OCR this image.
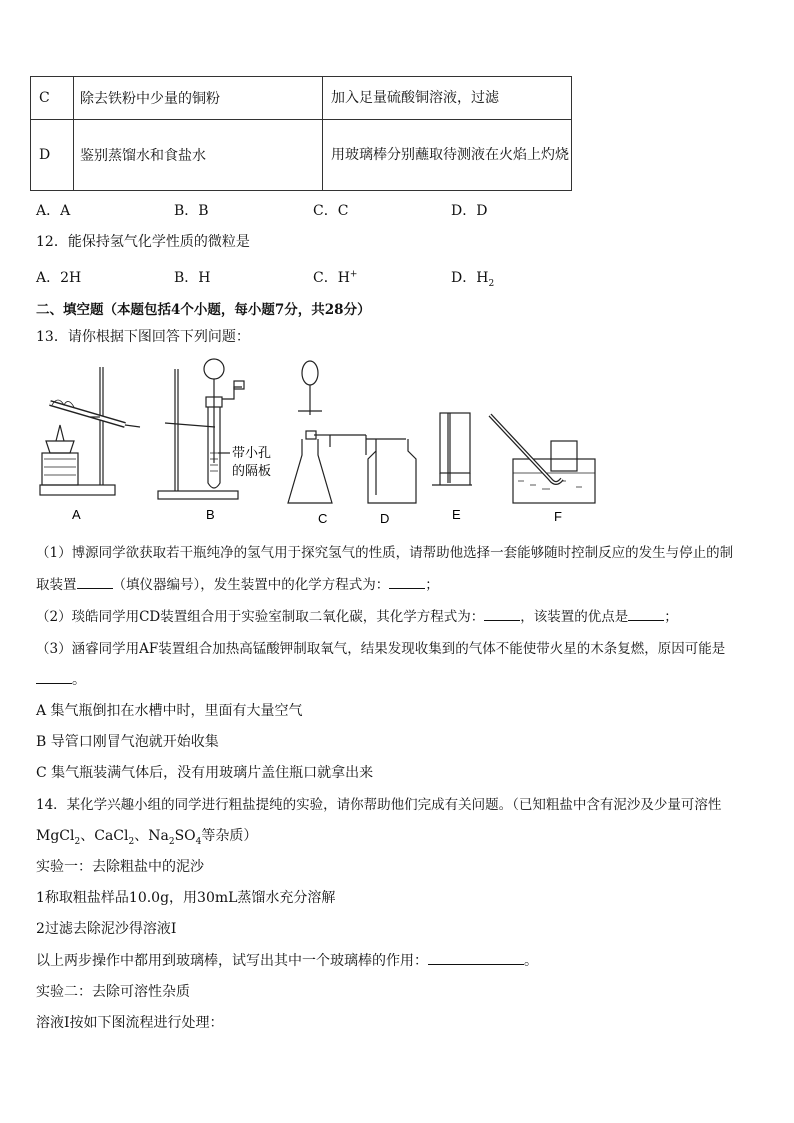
C	除去铁粉中少量的铜粉	加入足量硫酸铜溶液，过滤
D	鉴别蒸馏水和食盐水	用玻璃棒分别蘸取待测液在火焰上灼烧
A．A	B．B	C．C	D．D
12．能保持氢气化学性质的微粒是
A．2H	B．H	C．H+	D．$H_2$
二、填空题（本题包括4个小题，每小题7分，共28分）
13．请你根据下图回答下列问题：
A	B	C	D	E	F
带小孔
的隔板
（1）博源同学欲获取若干瓶纯净的氢气用于探究氢气的性质，请帮助他选择一套能够随时控制反应的发生与停止的制
取装置	（填仪器编号），发生装置中的化学方程式为：	；
（2）琰皓同学用CD装置组合用于实验室制取二氧化碳，其化学方程式为：	，该装置的优点是	；
（3）涵睿同学用AF装置组合加热高锰酸钾制取氧气，结果发现收集到的气体不能使带火星的木条复燃，原因可能是
。
A 集气瓶倒扣在水槽中时，里面有大量空气
B 导管口刚冒气泡就开始收集
C 集气瓶装满气体后，没有用玻璃片盖住瓶口就拿出来
14．某化学兴趣小组的同学进行粗盐提纯的实验，请你帮助他们完成有关问题。（已知粗盐中含有泥沙及少量可溶性
MgCl$_2$、CaCl$_2$、$Na_2SO_4$等杂质）
实验一：去除粗盐中的泥沙
1称取粗盐样品10.0g，用30mL蒸馏水充分溶解
2过滤去除泥沙得溶液I
以上两步操作中都用到玻璃棒，试写出其中一个玻璃棒的作用：	。
实验二：去除可溶性杂质
溶液I按如下图流程进行处理：
